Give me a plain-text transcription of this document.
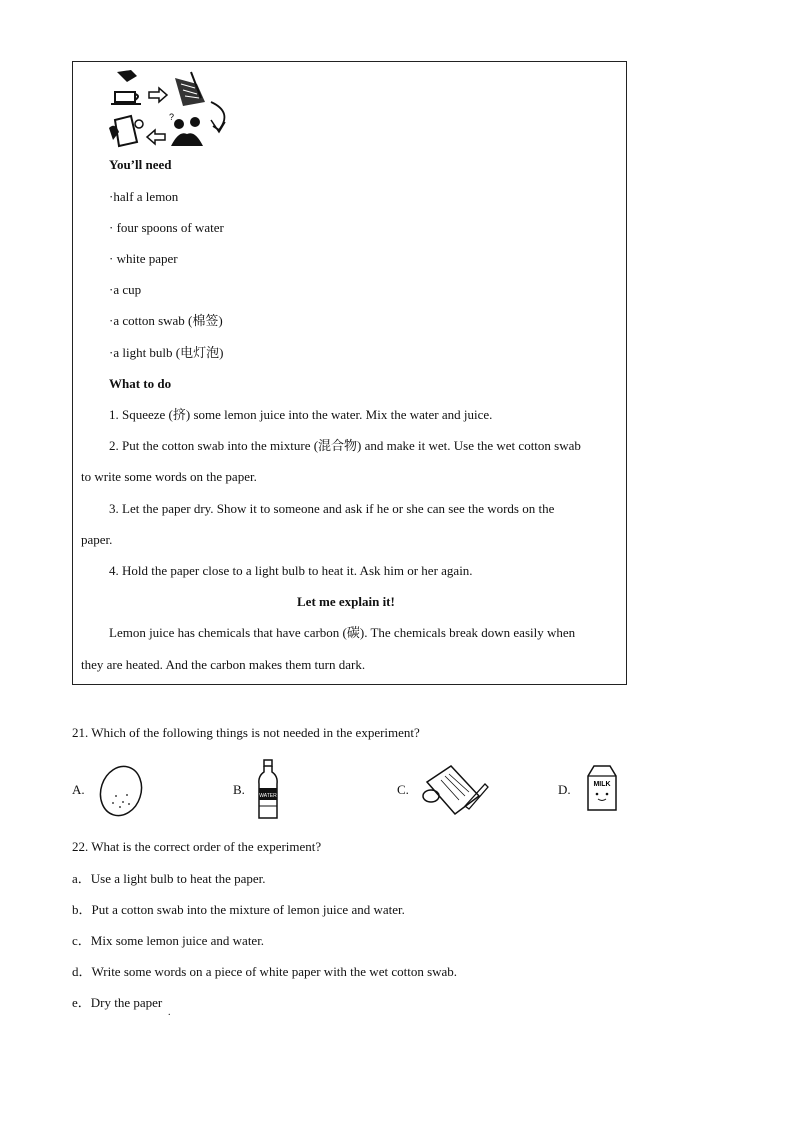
?
You’ll need
·half a lemon
· four spoons of water
· white paper
·a cup
·a cotton swab (棉签)
·a light bulb (电灯泡)
What to do
1. Squeeze (挤) some lemon juice into the water. Mix the water and juice.
2. Put the cotton swab into the mixture (混合物) and make it wet. Use the wet cotton swab
to write some words on the paper.
3. Let the paper dry. Show it to someone and ask if he or she can see the words on the
paper.
4. Hold the paper close to a light bulb to heat it. Ask him or her again.
Let me explain it!
Lemon juice has chemicals that have carbon (碳). The chemicals break down easily when
they are heated. And the carbon makes them turn dark.
21. Which of the following things is not needed in the experiment?
A.	B.	WATER	C.	D.	MILK
22. What is the correct order of the experiment?
a．Use a light bulb to heat the paper.
b．Put a cotton swab into the mixture of lemon juice and water.
c．Mix some lemon juice and water.
d．Write some words on a piece of white paper with the wet cotton swab.
e．Dry the paper
.
